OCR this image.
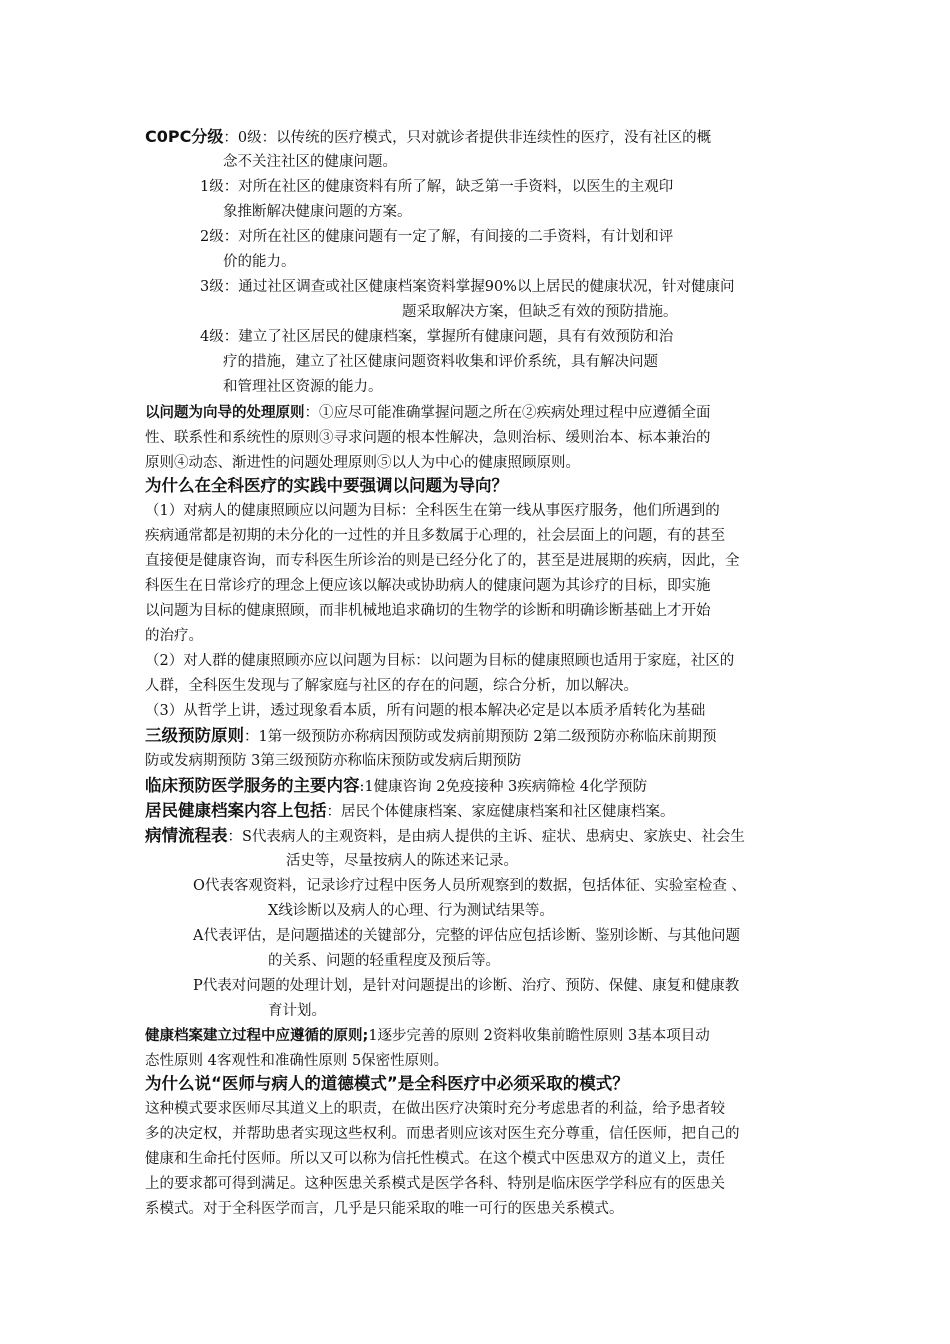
C0PC分级：0级：以传统的医疗模式，只对就诊者提供非连续性的医疗，没有社区的概
念不关注社区的健康问题。
1级：对所在社区的健康资料有所了解，缺乏第一手资料，以医生的主观印
象推断解决健康问题的方案。
2级：对所在社区的健康问题有一定了解，有间接的二手资料，有计划和评
价的能力。
3级：通过社区调查或社区健康档案资料掌握90%以上居民的健康状况，针对健康问
题采取解决方案，但缺乏有效的预防措施。
4级：建立了社区居民的健康档案，掌握所有健康问题，具有有效预防和治
疗的措施，建立了社区健康问题资料收集和评价系统，具有解决问题
和管理社区资源的能力。
以问题为向导的处理原则：①应尽可能准确掌握问题之所在②疾病处理过程中应遵循全面
性、联系性和系统性的原则③寻求问题的根本性解决，急则治标、缓则治本、标本兼治的
原则④动态、渐进性的问题处理原则⑤以人为中心的健康照顾原则。
为什么在全科医疗的实践中要强调以问题为导向？
（1）对病人的健康照顾应以问题为目标：全科医生在第一线从事医疗服务，他们所遇到的
疾病通常都是初期的未分化的一过性的并且多数属于心理的，社会层面上的问题，有的甚至
直接便是健康咨询，而专科医生所诊治的则是已经分化了的，甚至是进展期的疾病，因此，全
科医生在日常诊疗的理念上便应该以解决或协助病人的健康问题为其诊疗的目标，即实施
以问题为目标的健康照顾，而非机械地追求确切的生物学的诊断和明确诊断基础上才开始
的治疗。
（2）对人群的健康照顾亦应以问题为目标：以问题为目标的健康照顾也适用于家庭，社区的
人群，全科医生发现与了解家庭与社区的存在的问题，综合分析，加以解决。
（3）从哲学上讲，透过现象看本质，所有问题的根本解决必定是以本质矛盾转化为基础
三级预防原则：1第一级预防亦称病因预防或发病前期预防 2第二级预防亦称临床前期预
防或发病期预防 3第三级预防亦称临床预防或发病后期预防
临床预防医学服务的主要内容:1健康咨询 2免疫接种 3疾病筛检 4化学预防
居民健康档案内容上包括：居民个体健康档案、家庭健康档案和社区健康档案。
病情流程表：S代表病人的主观资料，是由病人提供的主诉、症状、患病史、家族史、社会生
活史等，尽量按病人的陈述来记录。
O代表客观资料，记录诊疗过程中医务人员所观察到的数据，包括体征、实验室检查 、
X线诊断以及病人的心理、行为测试结果等。
A代表评估，是问题描述的关键部分，完整的评估应包括诊断、鉴别诊断、与其他问题
的关系、问题的轻重程度及预后等。
P代表对问题的处理计划，是针对问题提出的诊断、治疗、预防、保健、康复和健康教
育计划。
健康档案建立过程中应遵循的原则;1逐步完善的原则 2资料收集前瞻性原则 3基本项目动
态性原则 4客观性和准确性原则 5保密性原则。
为什么说“医师与病人的道德模式”是全科医疗中必须采取的模式？
这种模式要求医师尽其道义上的职责，在做出医疗决策时充分考虑患者的利益，给予患者较
多的决定权，并帮助患者实现这些权利。而患者则应该对医生充分尊重，信任医师，把自己的
健康和生命托付医师。所以又可以称为信托性模式。在这个模式中医患双方的道义上，责任
上的要求都可得到满足。这种医患关系模式是医学各科、特别是临床医学学科应有的医患关
系模式。对于全科医学而言，几乎是只能采取的唯一可行的医患关系模式。
